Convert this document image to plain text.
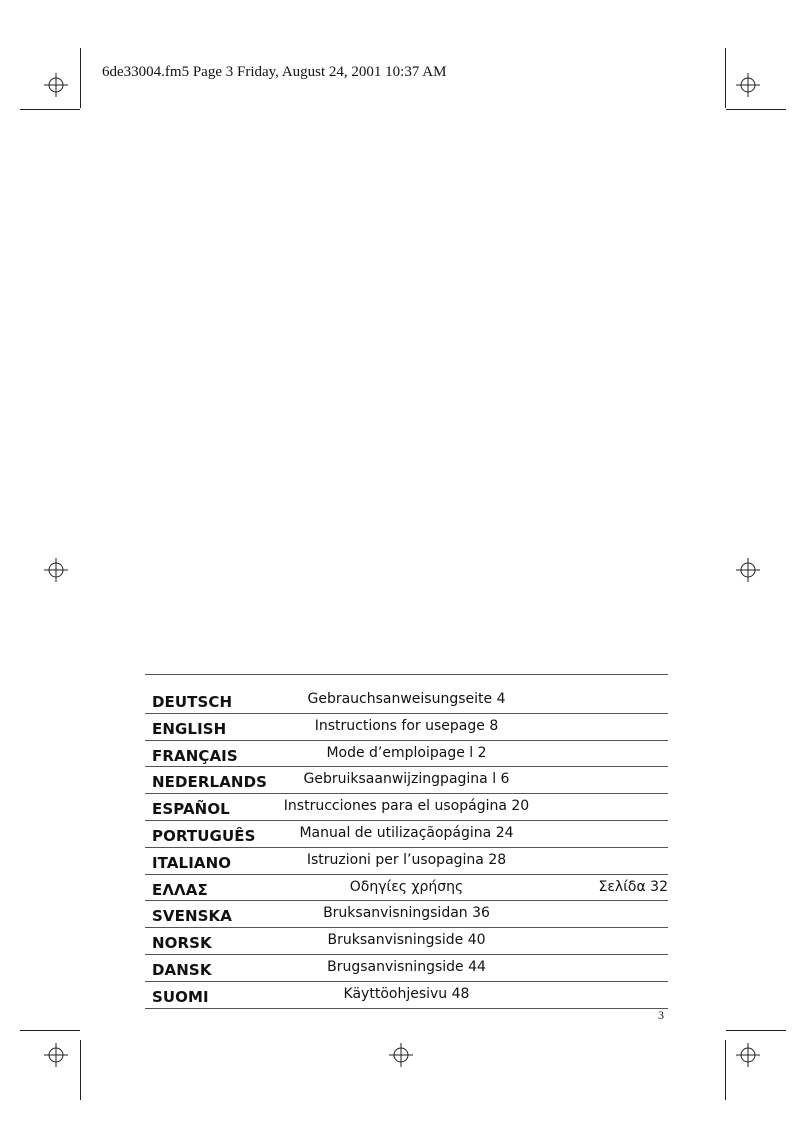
6de33004.fm5 Page 3 Friday, August 24, 2001 10:37 AM
DEUTSCH	Gebrauchsanweisungseite 4
ENGLISH	Instructions for usepage 8
FRANÇAIS	Mode d’emploipage l 2
NEDERLANDS	Gebruiksaanwijzingpagina l 6
ESPAÑOL	Instrucciones para el usopágina 20
PORTUGUÊS	Manual de utilizaçãopágina 24
ITALIANO	Istruzioni per l’usopagina 28
ΕΛΛΑΣ	Οδηγίες χρήσης	Σελίδα 32
SVENSKA	Bruksanvisningsidan 36
NORSK	Bruksanvisningside 40
DANSK	Brugsanvisningside 44
SUOMI	Käyttöohjesivu 48
3
